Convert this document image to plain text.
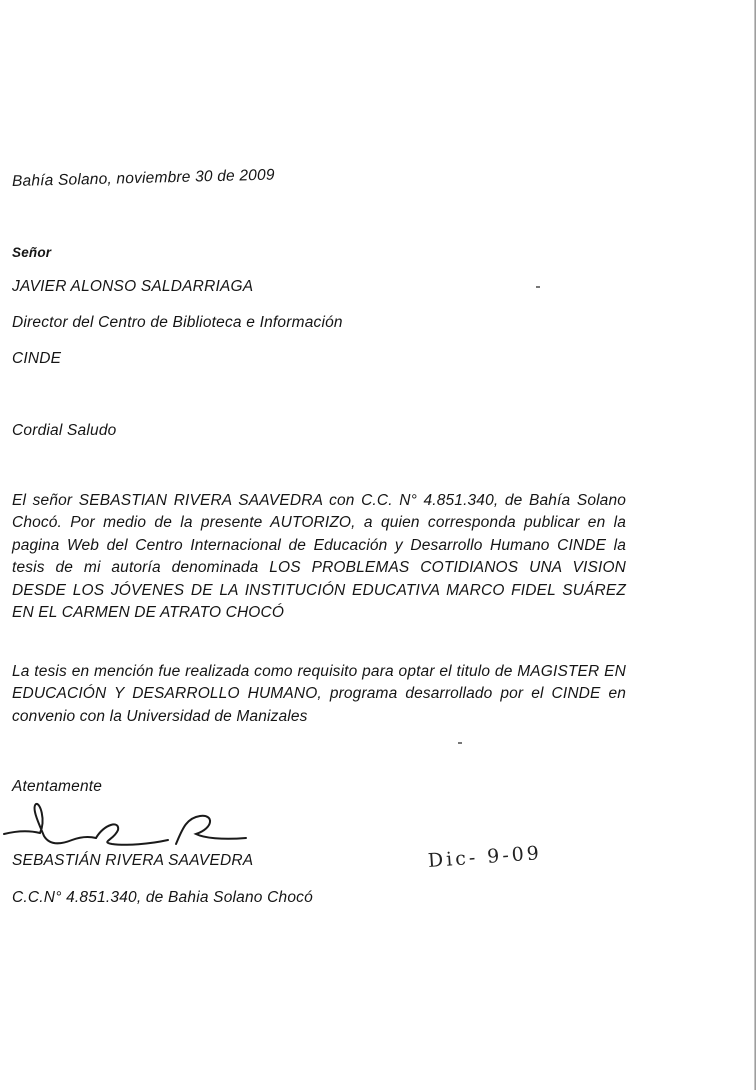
Bahía Solano, noviembre 30 de 2009
Señor
JAVIER ALONSO SALDARRIAGA
Director del Centro de Biblioteca e Información
CINDE
Cordial Saludo
El señor SEBASTIAN RIVERA SAAVEDRA con C.C. N° 4.851.340, de Bahía Solano Chocó. Por medio de la presente AUTORIZO, a quien corresponda publicar en la pagina Web del Centro Internacional de Educación y Desarrollo Humano CINDE la tesis de mi autoría denominada LOS PROBLEMAS COTIDIANOS UNA VISION DESDE LOS JÓVENES DE LA INSTITUCIÓN EDUCATIVA MARCO FIDEL SUÁREZ EN EL CARMEN DE ATRATO CHOCÓ
La tesis en mención fue realizada como requisito para optar el titulo de MAGISTER EN EDUCACIÓN Y DESARROLLO HUMANO, programa desarrollado por el CINDE en convenio con la Universidad de Manizales
Atentamente
SEBASTIÁN RIVERA SAAVEDRA	Dic- 9-09
C.C.N° 4.851.340, de Bahia Solano Chocó
